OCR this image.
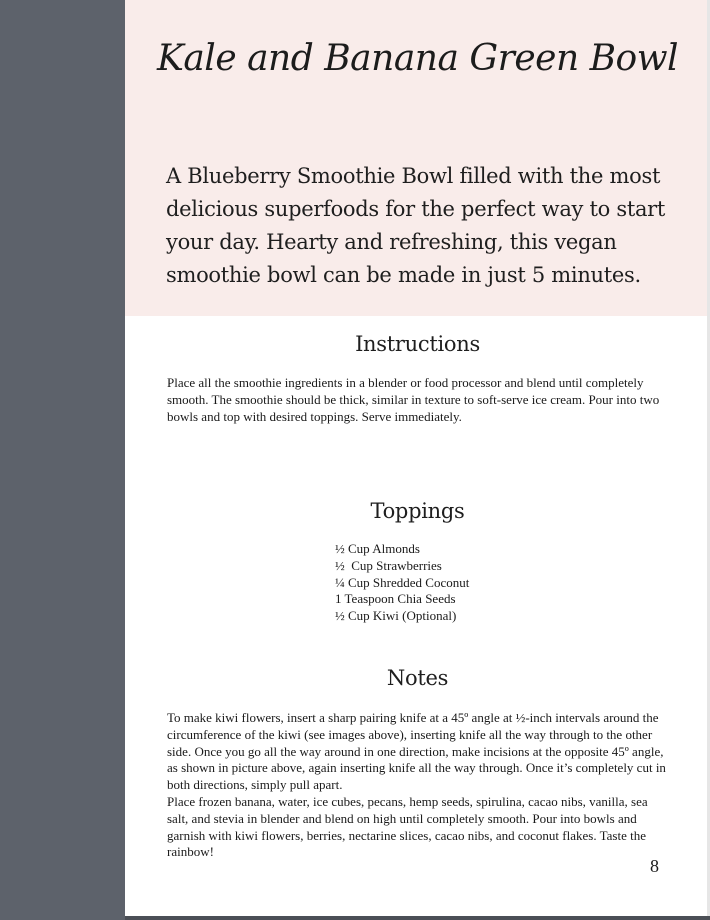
Kale and Banana Green Bowl

A Blueberry Smoothie Bowl filled with the most delicious superfoods for the perfect way to start your day. Hearty and refreshing, this vegan smoothie bowl can be made in just 5 minutes.

Instructions

Place all the smoothie ingredients in a blender or food processor and blend until completely smooth. The smoothie should be thick, similar in texture to soft-serve ice cream. Pour into two bowls and top with desired toppings. Serve immediately.

Toppings
½ Cup Almonds
½  Cup Strawberries
¼ Cup Shredded Coconut
1 Teaspoon Chia Seeds
½ Cup Kiwi (Optional)
Notes

To make kiwi flowers, insert a sharp pairing knife at a 45º angle at ½-inch intervals around the circumference of the kiwi (see images above), inserting knife all the way through to the other side. Once you go all the way around in one direction, make incisions at the opposite 45º angle, as shown in picture above, again inserting knife all the way through. Once it’s completely cut in both directions, simply pull apart.

Place frozen banana, water, ice cubes, pecans, hemp seeds, spirulina, cacao nibs, vanilla, sea salt, and stevia in blender and blend on high until completely smooth. Pour into bowls and garnish with kiwi flowers, berries, nectarine slices, cacao nibs, and coconut flakes. Taste the rainbow!

8
